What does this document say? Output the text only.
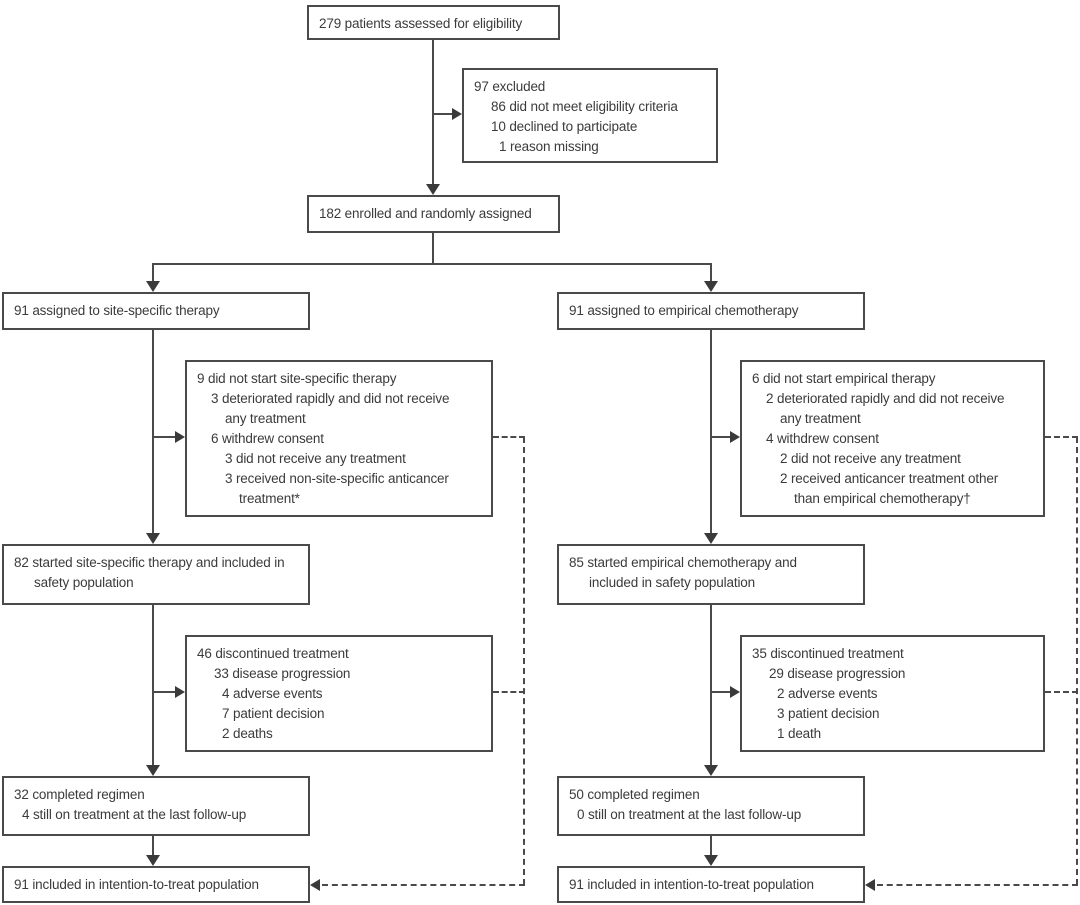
279 patients assessed for eligibility
97 excluded
86 did not meet eligibility criteria
10 declined to participate
1 reason missing
182 enrolled and randomly assigned
91 assigned to site-specific therapy	91 assigned to empirical chemotherapy
9 did not start site-specific therapy
3 deteriorated rapidly and did not receive
any treatment
6 withdrew consent
3 did not receive any treatment
3 received non-site-specific anticancer
treatment*
6 did not start empirical therapy
2 deteriorated rapidly and did not receive
any treatment
4 withdrew consent
2 did not receive any treatment
2 received anticancer treatment other
than empirical chemotherapy†
82 started site-specific therapy and included in
safety population
85 started empirical chemotherapy and
included in safety population
46 discontinued treatment
33 disease progression
4 adverse events
7 patient decision
2 deaths
35 discontinued treatment
29 disease progression
2 adverse events
3 patient decision
1 death
32 completed regimen
4 still on treatment at the last follow-up
50 completed regimen
0 still on treatment at the last follow-up
91 included in intention-to-treat population	91 included in intention-to-treat population
